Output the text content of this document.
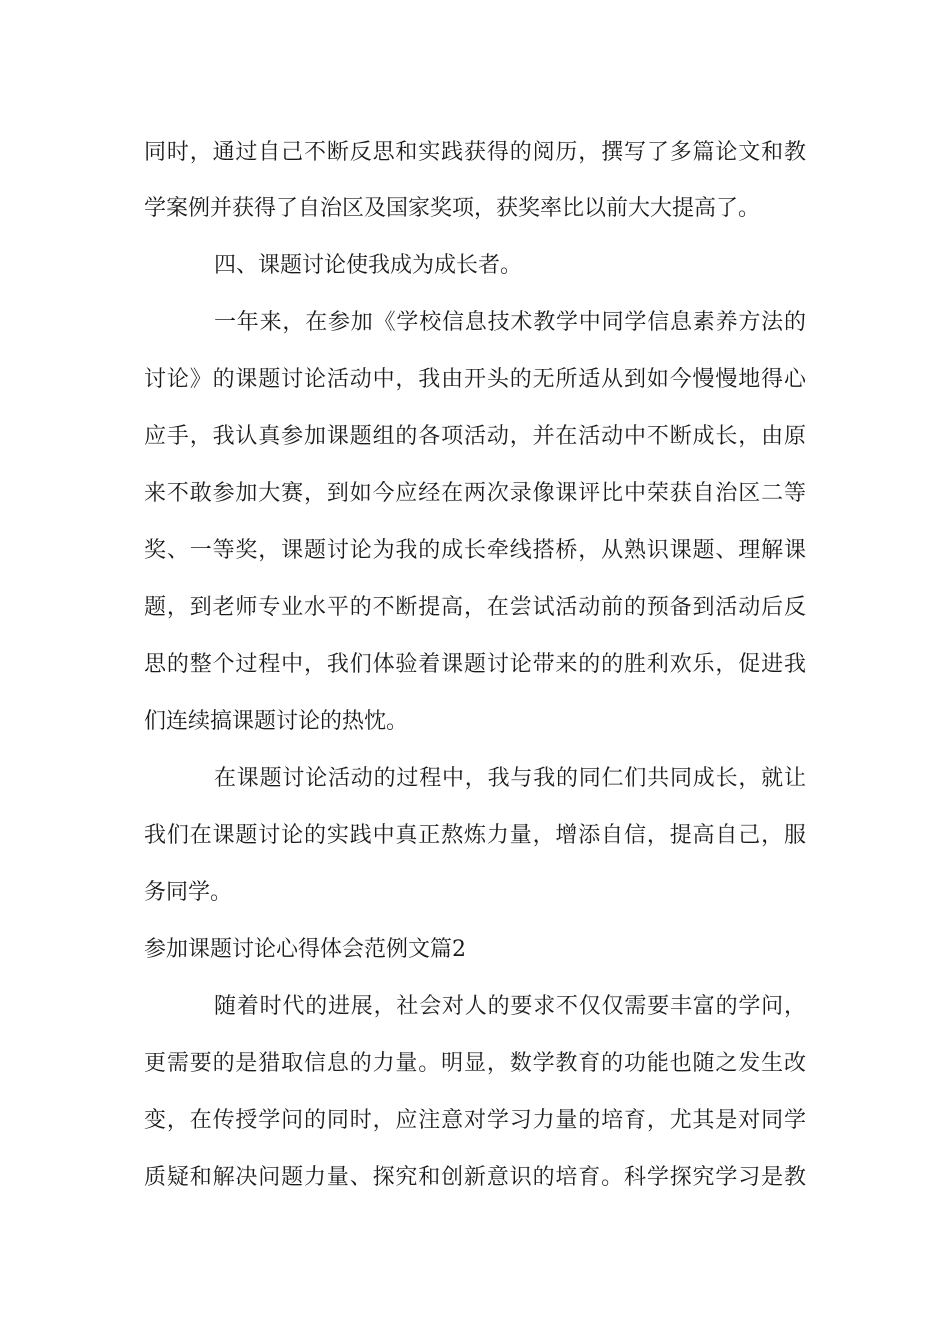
同时，通过自己不断反思和实践获得的阅历，撰写了多篇论文和教
学案例并获得了自治区及国家奖项，获奖率比以前大大提高了。
四、课题讨论使我成为成长者。
一年来，在参加《学校信息技术教学中同学信息素养方法的
讨论》的课题讨论活动中，我由开头的无所适从到如今慢慢地得心
应手，我认真参加课题组的各项活动，并在活动中不断成长，由原
来不敢参加大赛，到如今应经在两次录像课评比中荣获自治区二等
奖、一等奖，课题讨论为我的成长牵线搭桥，从熟识课题、理解课
题，到老师专业水平的不断提高，在尝试活动前的预备到活动后反
思的整个过程中，我们体验着课题讨论带来的的胜利欢乐，促进我
们连续搞课题讨论的热忱。
在课题讨论活动的过程中，我与我的同仁们共同成长，就让
我们在课题讨论的实践中真正熬炼力量，增添自信，提高自己，服
务同学。
参加课题讨论心得体会范例文篇2
随着时代的进展，社会对人的要求不仅仅需要丰富的学问，
更需要的是猎取信息的力量。明显，数学教育的功能也随之发生改
变，在传授学问的同时，应注意对学习力量的培育，尤其是对同学
质疑和解决问题力量、探究和创新意识的培育。科学探究学习是教
